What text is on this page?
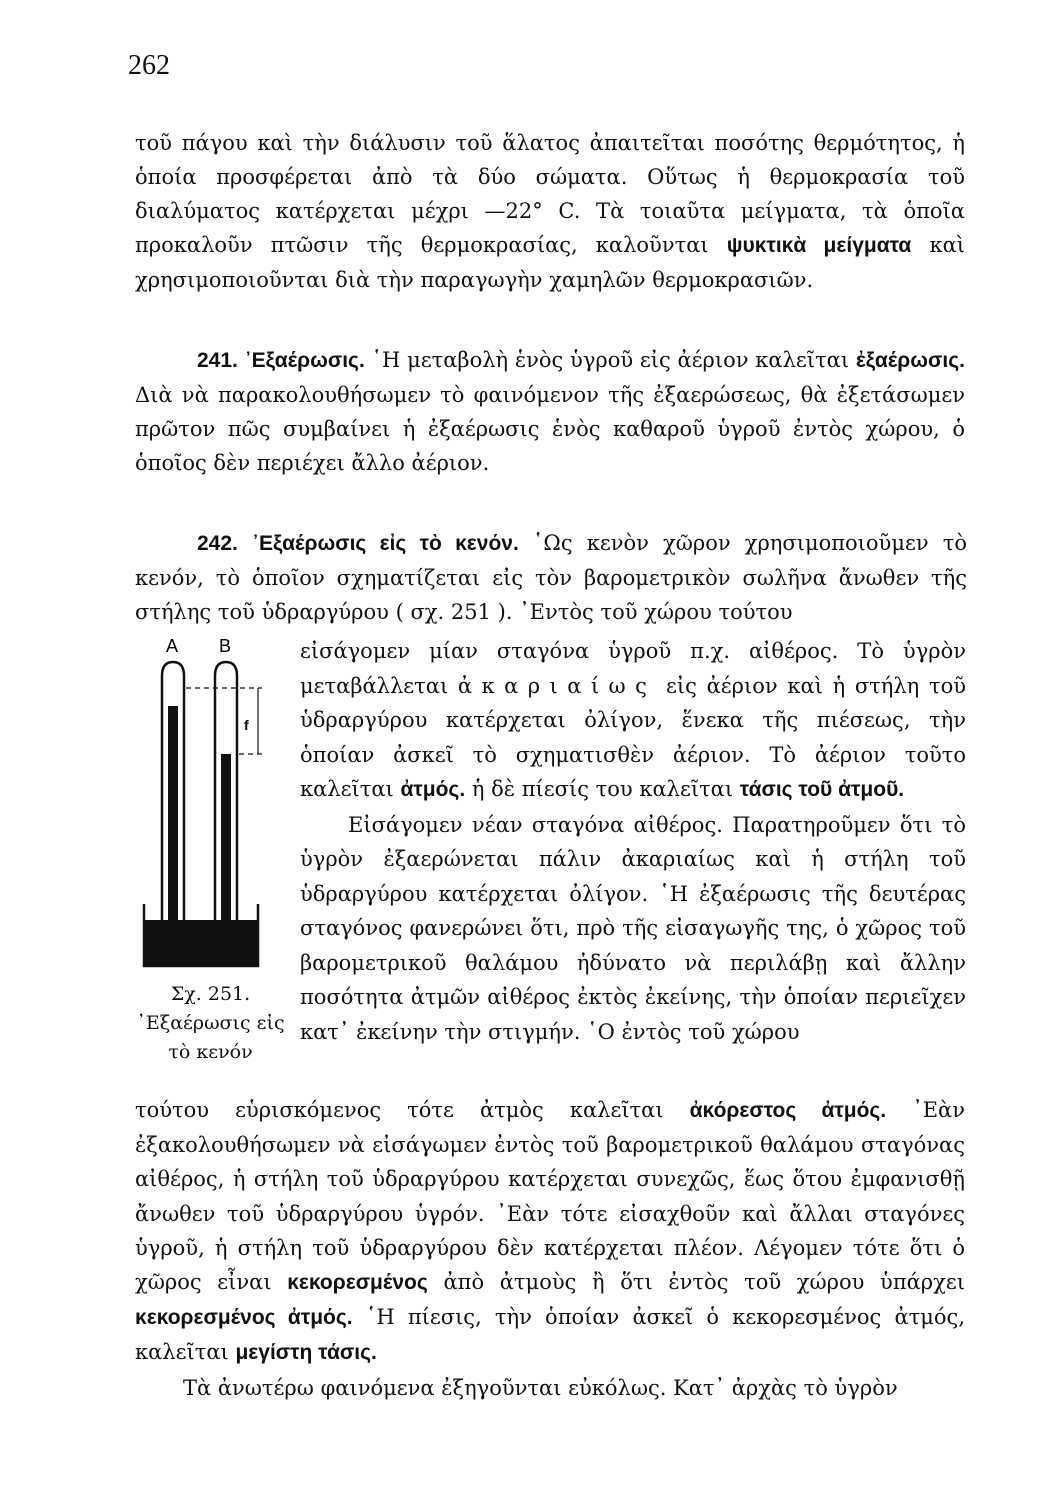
262
τοῦ πάγου καὶ τὴν διάλυσιν τοῦ ἅλατος ἀπαιτεῖται ποσότης θερμότητος, ἡ ὁποία προσφέρεται ἀπὸ τὰ δύο σώματα. Οὕτως ἡ θερμοκρασία τοῦ διαλύματος κατέρχεται μέχρι —22° C. Τὰ τοιαῦτα μείγματα, τὰ ὁποῖα προκαλοῦν πτῶσιν τῆς θερμοκρασίας, καλοῦνται ψυκτικὰ μείγματα καὶ χρησιμοποιοῦνται διὰ τὴν παραγωγὴν χαμηλῶν θερμοκρασιῶν.
241. ᾿Εξαέρωσις. ῾Η μεταβολὴ ἑνὸς ὑγροῦ εἰς ἀέριον καλεῖται ἐξαέρωσις. Διὰ νὰ παρακολουθήσωμεν τὸ φαινόμενον τῆς ἐξαερώσεως, θὰ ἐξετάσωμεν πρῶτον πῶς συμβαίνει ἡ ἐξαέρωσις ἑνὸς καθαροῦ ὑγροῦ ἐντὸς χώρου, ὁ ὁποῖος δὲν περιέχει ἄλλο ἀέριον.
242. ᾿Εξαέρωσις εἰς τὸ κενόν. ῾Ως κενὸν χῶρον χρησιμοποιοῦμεν τὸ κενόν, τὸ ὁποῖον σχηματίζεται εἰς τὸν βαρομετρικὸν σωλῆνα ἄνωθεν τῆς στήλης τοῦ ὑδραργύρου ( σχ. 251 ). ᾿Εντὸς τοῦ χώρου τούτου
A B
f
Σχ. 251. ᾿Εξαέρωσις εἰς τὸ κενόν

εἰσάγομεν μίαν σταγόνα ὑγροῦ π.χ. αἰθέρος. Τὸ ὑγρὸν μεταβάλλεται ἀκαριαίως εἰς ἀέριον καὶ ἡ στήλη τοῦ ὑδραργύρου κατέρχεται ὀλίγον, ἕνεκα τῆς πιέσεως, τὴν ὁποίαν ἀσκεῖ τὸ σχηματισθὲν ἀέριον. Τὸ ἀέριον τοῦτο καλεῖται ἀτμός. ἡ δὲ πίεσίς του καλεῖται τάσις τοῦ ἀτμοῦ.

Εἰσάγομεν νέαν σταγόνα αἰθέρος. Παρατηροῦμεν ὅτι τὸ ὑγρὸν ἐξαερώνεται πάλιν ἀκαριαίως καὶ ἡ στήλη τοῦ ὑδραργύρου κατέρχεται ὀλίγον. ῾Η ἐξαέρωσις τῆς δευτέρας σταγόνος φανερώνει ὅτι, πρὸ τῆς εἰσαγωγῆς της, ὁ χῶρος τοῦ βαρομετρικοῦ θαλάμου ἠδύνατο νὰ περιλάβῃ καὶ ἄλλην ποσότητα ἀτμῶν αἰθέρος ἐκτὸς ἐκείνης, τὴν ὁποίαν περιεῖχεν κατ᾿ ἐκείνην τὴν στιγμήν. ῾Ο ἐντὸς τοῦ χώρου

τούτου εὑρισκόμενος τότε ἀτμὸς καλεῖται ἀκόρεστος ἀτμός. ᾿Εὰν ἐξακολουθήσωμεν νὰ εἰσάγωμεν ἐντὸς τοῦ βαρομετρικοῦ θαλάμου σταγόνας αἰθέρος, ἡ στήλη τοῦ ὑδραργύρου κατέρχεται συνεχῶς, ἕως ὅτου ἐμφανισθῇ ἄνωθεν τοῦ ὑδραργύρου ὑγρόν. ᾿Εὰν τότε εἰσαχθοῦν καὶ ἄλλαι σταγόνες ὑγροῦ, ἡ στήλη τοῦ ὑδραργύρου δὲν κατέρχεται πλέον. Λέγομεν τότε ὅτι ὁ χῶρος εἶναι κεκορεσμένος ἀπὸ ἀτμοὺς ἢ ὅτι ἐντὸς τοῦ χώρου ὑπάρχει κεκορεσμένος ἀτμός. ῾Η πίεσις, τὴν ὁποίαν ἀσκεῖ ὁ κεκορεσμένος ἀτμός, καλεῖται μεγίστη τάσις.

Τὰ ἀνωτέρω φαινόμενα ἐξηγοῦνται εὐκόλως. Κατ᾿ ἀρχὰς τὸ ὑγρὸν
